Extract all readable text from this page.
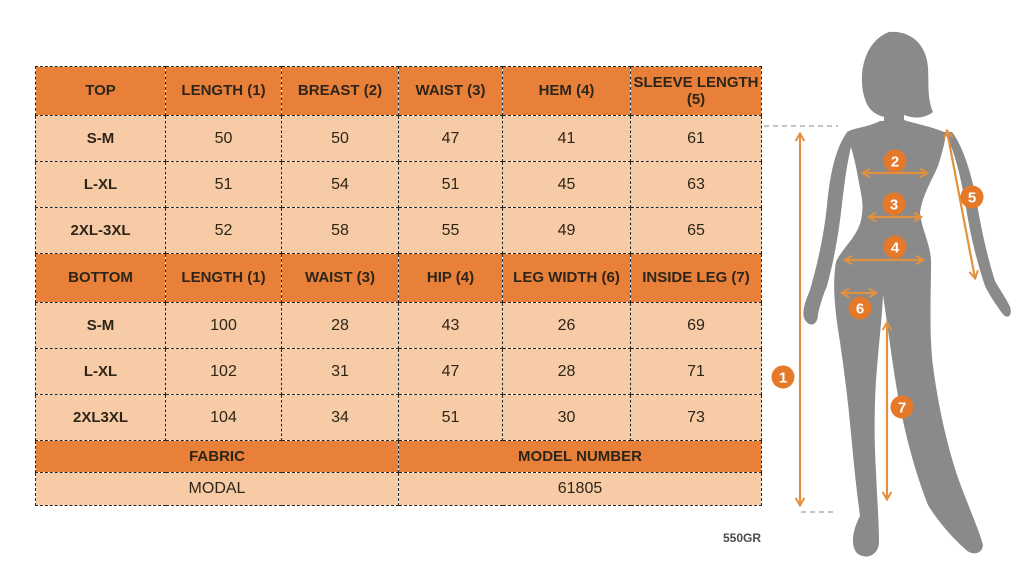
TOP	LENGTH (1)	BREAST (2)	WAIST (3)	HEM (4)	SLEEVE LENGTH (5)
S-M	50	50	47	41	61
L-XL	51	54	51	45	63
2XL-3XL	52	58	55	49	65
BOTTOM	LENGTH (1)	WAIST (3)	HIP (4)	LEG WIDTH (6)	INSIDE LEG (7)
S-M	100	28	43	26	69
L-XL	102	31	47	28	71
2XL3XL	104	34	51	30	73
FABRIC			MODEL NUMBER		
MODAL			61805		
550GR
1
2
3
4
5
6
7
